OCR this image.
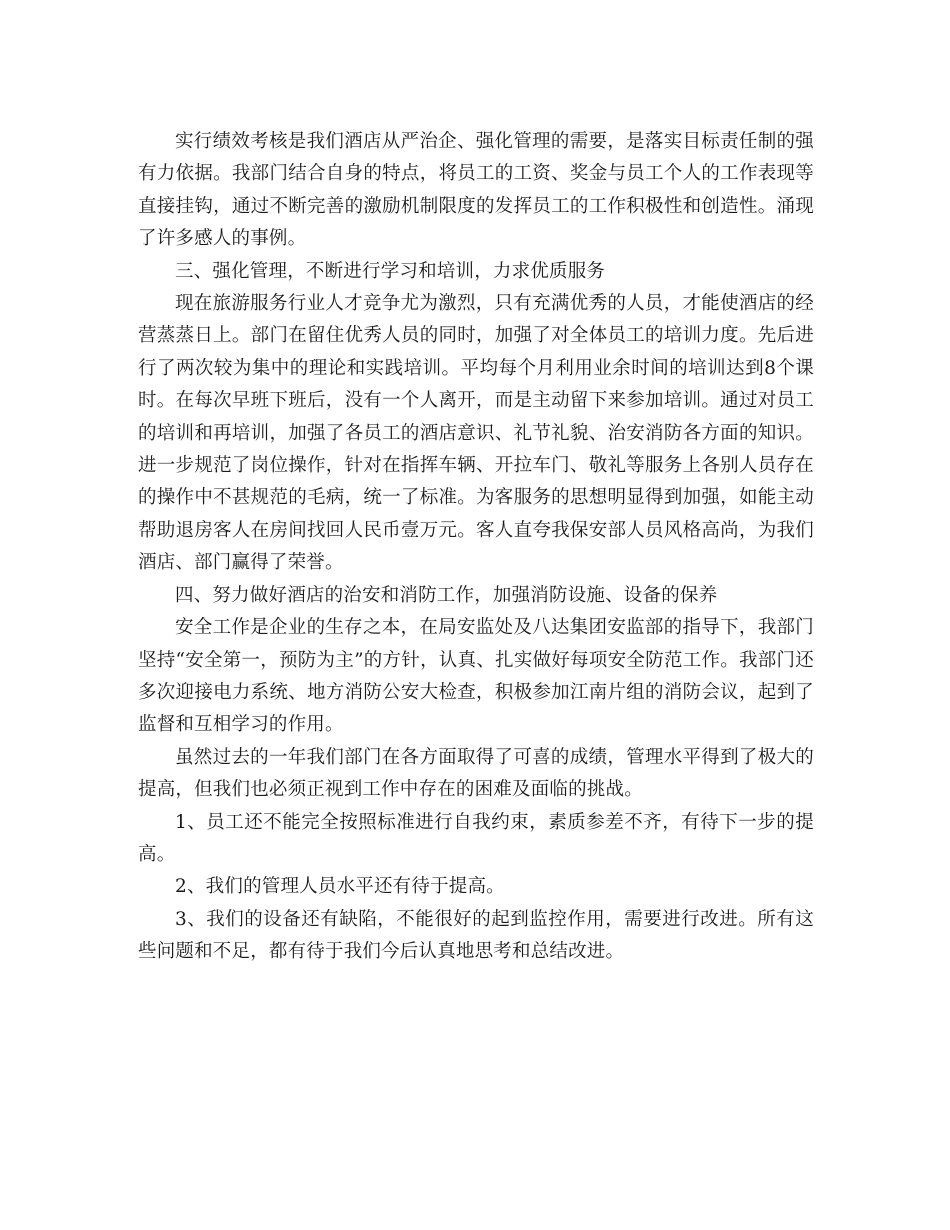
实行绩效考核是我们酒店从严治企、强化管理的需要，是落实目标责任制的强有力依据。我部门结合自身的特点，将员工的工资、奖金与员工个人的工作表现等直接挂钩，通过不断完善的激励机制限度的发挥员工的工作积极性和创造性。涌现了许多感人的事例。

三、强化管理，不断进行学习和培训，力求优质服务

现在旅游服务行业人才竞争尤为激烈，只有充满优秀的人员，才能使酒店的经营蒸蒸日上。部门在留住优秀人员的同时，加强了对全体员工的培训力度。先后进行了两次较为集中的理论和实践培训。平均每个月利用业余时间的培训达到8个课时。在每次早班下班后，没有一个人离开，而是主动留下来参加培训。通过对员工的培训和再培训，加强了各员工的酒店意识、礼节礼貌、治安消防各方面的知识。进一步规范了岗位操作，针对在指挥车辆、开拉车门、敬礼等服务上各别人员存在的操作中不甚规范的毛病，统一了标准。为客服务的思想明显得到加强，如能主动帮助退房客人在房间找回人民币壹万元。客人直夸我保安部人员风格高尚，为我们酒店、部门赢得了荣誉。

四、努力做好酒店的治安和消防工作，加强消防设施、设备的保养

安全工作是企业的生存之本，在局安监处及八达集团安监部的指导下，我部门坚持“安全第一，预防为主”的方针，认真、扎实做好每项安全防范工作。我部门还多次迎接电力系统、地方消防公安大检查，积极参加江南片组的消防会议，起到了监督和互相学习的作用。

虽然过去的一年我们部门在各方面取得了可喜的成绩，管理水平得到了极大的提高，但我们也必须正视到工作中存在的困难及面临的挑战。

1、员工还不能完全按照标准进行自我约束，素质参差不齐，有待下一步的提高。

2、我们的管理人员水平还有待于提高。

3、我们的设备还有缺陷，不能很好的起到监控作用，需要进行改进。所有这些问题和不足，都有待于我们今后认真地思考和总结改进。
